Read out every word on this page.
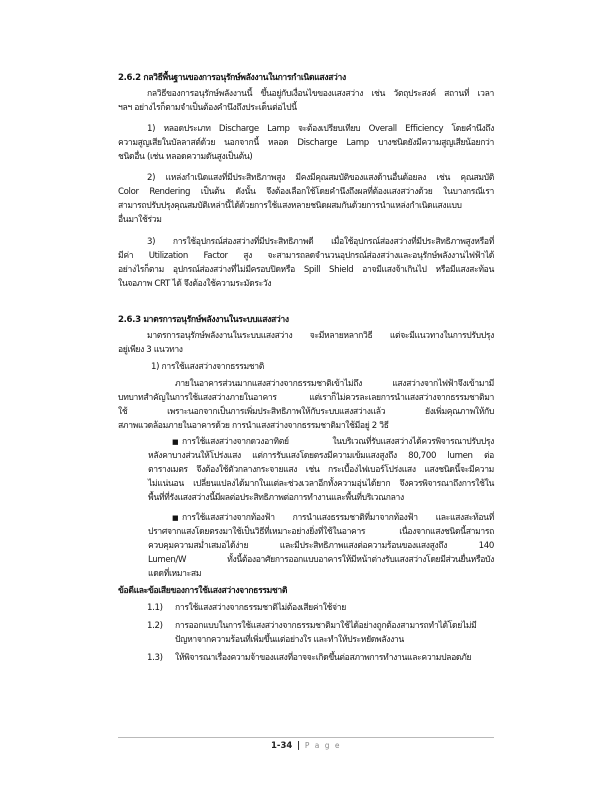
2.6.2 กลวิธีพื้นฐานของการอนุรักษ์พลังงานในการกำเนิดแสงสว่าง
กลวิธีของการอนุรักษ์พลังงานนี้ ขึ้นอยู่กับเงื่อนไขของแสงสว่าง เช่น วัตถุประสงค์ สถานที่ เวลา
ฯลฯ อย่างไรก็ตามจำเป็นต้องคำนึงถึงประเด็นต่อไปนี้
1) หลอดประเภท Discharge Lamp จะต้องเปรียบเทียบ Overall Efficiency โดยคำนึงถึง
ความสูญเสียในบัลลาสต์ด้วย นอกจากนี้ หลอด Discharge Lamp บางชนิดยังมีความสูญเสียน้อยกว่า
ชนิดอื่น (เช่น หลอดความดันสูงเป็นต้น)
2) แหล่งกำเนิดแสงที่มีประสิทธิภาพสูง มีคงมีคุณสมบัติของแสงด้านอื่นด้อยลง เช่น คุณสมบัติ
Color Rendering เป็นต้น ดังนั้น จึงต้องเลือกใช้โดยคำนึงถึงผลที่ต้องแสงสว่างด้วย ในบางกรณีเรา
สามารถปรับปรุงคุณสมบัติเหล่านี้ได้ด้วยการใช้แสงหลายชนิดผสมกันด้วยการนำแหล่งกำเนิดแสงแบบ
อื่นมาใช้ร่วม
3) การใช้อุปกรณ์ส่องสว่างที่มีประสิทธิภาพดี เมื่อใช้อุปกรณ์ส่องสว่างที่มีประสิทธิภาพสูงหรือที่
มีค่า Utilization Factor สูง จะสามารถลดจำนวนอุปกรณ์ส่องสว่างและอนุรักษ์พลังงานไฟฟ้าได้
อย่างไรก็ตาม อุปกรณ์ส่องสว่างที่ไม่มีครอบปิดหรือ Spill Shield อาจมีแสงจ้าเกินไป หรือมีแสงสะท้อน
ในจอภาพ CRT ได้ จึงต้องใช้ความระมัดระวัง
2.6.3 มาตรการอนุรักษ์พลังงานในระบบแสงสว่าง
มาตรการอนุรักษ์พลังงานในระบบแสงสว่าง จะมีหลายหลากวิธี แต่จะมีแนวทางในการปรับปรุง
อยู่เพียง 3 แนวทาง
1) การใช้แสงสว่างจากธรรมชาติ
ภายในอาคารส่วนมากแสงสว่างจากธรรมชาติเข้าไม่ถึง แสงสว่างจากไฟฟ้าจึงเข้ามามี
บทบาทสำคัญในการใช้แสงสว่างภายในอาคาร แต่เราก็ไม่ควรละเลยการนำแสงสว่างจากธรรมชาติมา
ใช้ เพราะนอกจากเป็นการเพิ่มประสิทธิภาพให้กับระบบแสงสว่างแล้ว ยังเพิ่มคุณภาพให้กับ
สภาพแวดล้อมภายในอาคารด้วย การนำแสงสว่างจากธรรมชาติมาใช้มีอยู่ 2 วิธี
■ การใช้แสงสว่างจากดวงอาทิตย์ ในบริเวณที่รับแสงสว่างได้ควรพิจารณาปรับปรุง
หลังคาบางส่วนให้โปร่งแสง แต่การรับแสงโดยตรงมีความเข้มแสงสูงถึง 80,700 lumen ต่อ
ตารางเมตร จึงต้องใช้ตัวกลางกระจายแสง เช่น กระเบื้องไฟเบอร์โปร่งแสง แสงชนิดนี้จะมีความ
ไม่แน่นอน เปลี่ยนแปลงได้มากในแต่ละช่วงเวลาอีกทั้งความอุ่นได้ยาก จึงควรพิจารณาถึงการใช้ใน
พื้นที่ที่รังแสงสว่างนี้มีผลต่อประสิทธิภาพต่อการทำงานและพื้นที่บริเวณกลาง
■ การใช้แสงสว่างจากท้องฟ้า การนำแสงธรรมชาติที่มาจากท้องฟ้า และแสงสะท้อนที่
ปราศจากแสงโดยตรงมาใช้เป็นวิธีที่เหมาะอย่างยิ่งที่ใช้ในอาคาร เนื่องจากแสงชนิดนี้สามารถ
ควบคุมความสม่ำเสมอได้ง่าย และมีประสิทธิภาพแสงต่อความร้อนของแสงสูงถึง 140
Lumen/W ทั้งนี้ต้องอาศัยการออกแบบอาคารให้มีหน้าต่างรับแสงสว่างโดยมีส่วนยื่นหรือบัง
แดดที่เหมาะสม
ข้อดีและข้อเสียของการใช้แสงสว่างจากธรรมชาติ
1.1) การใช้แสงสว่างจากธรรมชาติไม่ต้องเสียค่าใช้จ่าย
1.2) การออกแบบในการใช้แสงสว่างจากธรรมชาติมาใช้ได้อย่างถูกต้องสามารถทำได้โดยไม่มี
ปัญหาจากความร้อนที่เพิ่มขึ้นแต่อย่างใร และทำให้ประหยัดพลังงาน
1.3) ให้พิจารณาเรื่องความจ้าของแสงที่อาจจะเกิดขึ้นต่อสภาพการทำงานและความปลอดภัย
1-34 | P a g e
